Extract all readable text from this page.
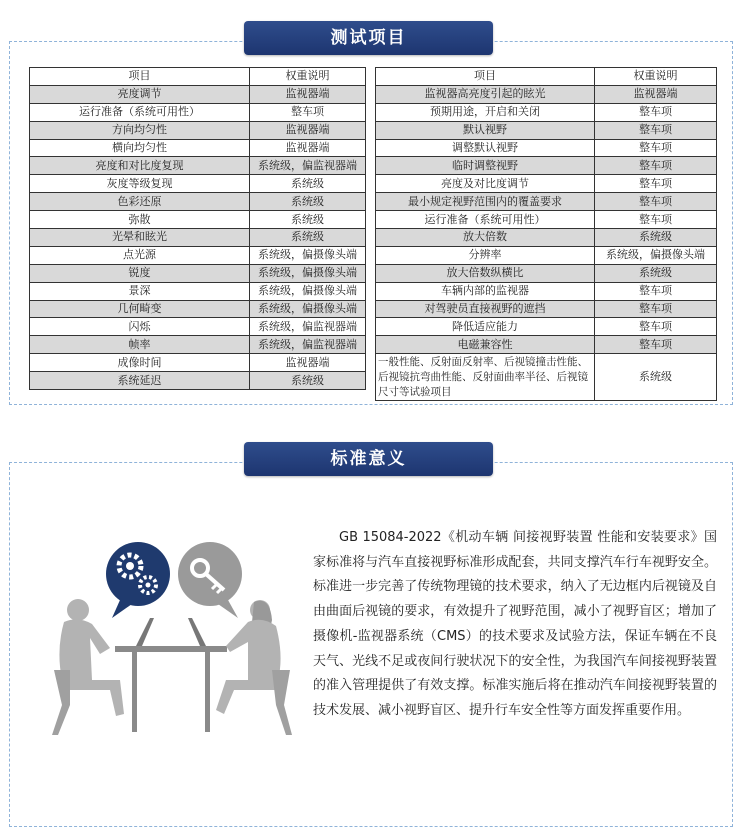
测试项目
项目	权重说明
亮度调节	监视器端
运行准备（系统可用性）	整车项
方向均匀性	监视器端
横向均匀性	监视器端
亮度和对比度复现	系统级，偏监视器端
灰度等级复现	系统级
色彩还原	系统级
弥散	系统级
光晕和眩光	系统级
点光源	系统级，偏摄像头端
锐度	系统级，偏摄像头端
景深	系统级，偏摄像头端
几何畸变	系统级，偏摄像头端
闪烁	系统级，偏监视器端
帧率	系统级，偏监视器端
成像时间	监视器端
系统延迟	系统级
项目	权重说明
监视器高亮度引起的眩光	监视器端
预期用途，开启和关闭	整车项
默认视野	整车项
调整默认视野	整车项
临时调整视野	整车项
亮度及对比度调节	整车项
最小规定视野范围内的覆盖要求	整车项
运行准备（系统可用性）	整车项
放大倍数	系统级
分辨率	系统级，偏摄像头端
放大倍数纵横比	系统级
车辆内部的监视器	整车项
对驾驶员直接视野的遮挡	整车项
降低适应能力	整车项
电磁兼容性	整车项
一般性能、反射面反射率、后视镜撞击性能、后视镜抗弯曲性能、反射面曲率半径、后视镜尺寸等试验项目	系统级
标准意义

GB 15084-2022《机动车辆 间接视野装置 性能和安装要求》国家标准将与汽车直接视野标准形成配套，共同支撑汽车行车视野安全。标准进一步完善了传统物理镜的技术要求，纳入了无边框内后视镜及自由曲面后视镜的要求，有效提升了视野范围，减小了视野盲区；增加了摄像机-监视器系统（CMS）的技术要求及试验方法，保证车辆在不良天气、光线不足或夜间行驶状况下的安全性，为我国汽车间接视野装置的准入管理提供了有效支撑。标准实施后将在推动汽车间接视野装置的技术发展、减小视野盲区、提升行车安全性等方面发挥重要作用。
